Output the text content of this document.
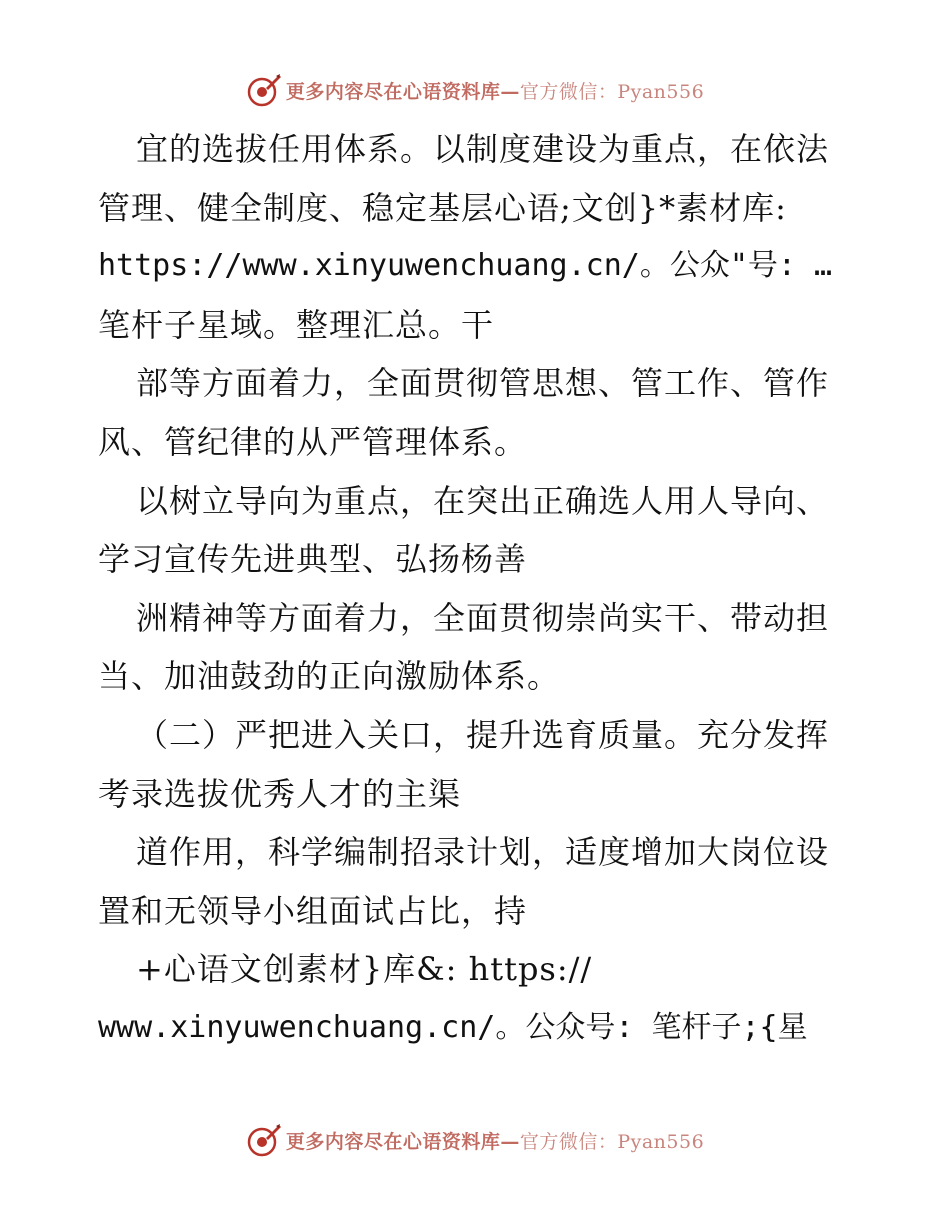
更多内容尽在心语资料库—官方微信：Pyan556
宜的选拔任用体系。以制度建设为重点，在依法
管理、健全制度、稳定基层心语;文创}*素材库:
https://www.xinyuwenchuang.cn/。公众"号: …
笔杆子星域。整理汇总。干
部等方面着力，全面贯彻管思想、管工作、管作
风、管纪律的从严管理体系。
以树立导向为重点，在突出正确选人用人导向、
学习宣传先进典型、弘扬杨善
洲精神等方面着力，全面贯彻崇尚实干、带动担
当、加油鼓劲的正向激励体系。
（二）严把进入关口，提升选育质量。充分发挥
考录选拔优秀人才的主渠
道作用，科学编制招录计划，适度增加大岗位设
置和无领导小组面试占比，持
+心语文创素材}库&: https://
www.xinyuwenchuang.cn/。公众号: 笔杆子;{星
更多内容尽在心语资料库—官方微信：Pyan556
